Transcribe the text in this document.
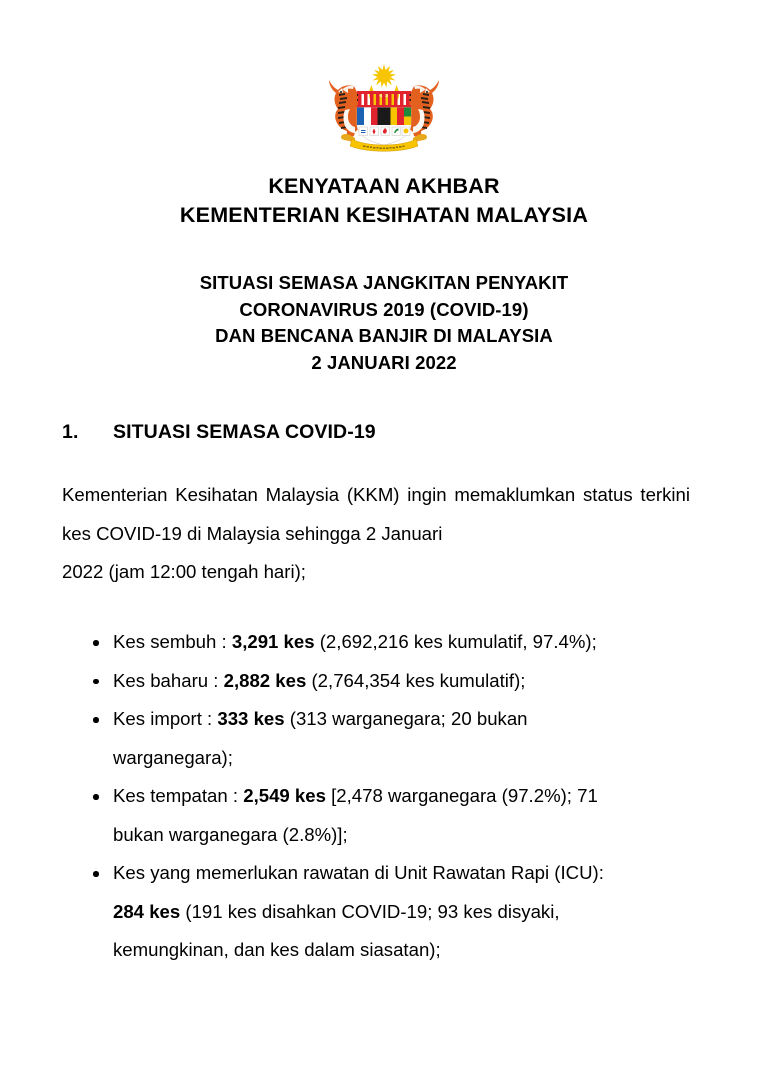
KENYATAAN AKHBAR
KEMENTERIAN KESIHATAN MALAYSIA
SITUASI SEMASA JANGKITAN PENYAKIT
CORONAVIRUS 2019 (COVID-19)
DAN BENCANA BANJIR DI MALAYSIA
2 JANUARI 2022
1.	SITUASI SEMASA COVID-19
Kementerian Kesihatan Malaysia (KKM) ingin memaklumkan status terkini kes COVID-19 di Malaysia sehingga 2 Januari
2022 (jam 12:00 tengah hari);
Kes sembuh : 3,291 kes (2,692,216 kes kumulatif, 97.4%);
Kes baharu : 2,882 kes (2,764,354 kes kumulatif);
Kes import : 333 kes (313 warganegara; 20 bukan
warganegara);
Kes tempatan : 2,549 kes [2,478 warganegara (97.2%); 71
bukan warganegara (2.8%)];
Kes yang memerlukan rawatan di Unit Rawatan Rapi (ICU):
284 kes (191 kes disahkan COVID-19; 93 kes disyaki,
kemungkinan, dan kes dalam siasatan);
